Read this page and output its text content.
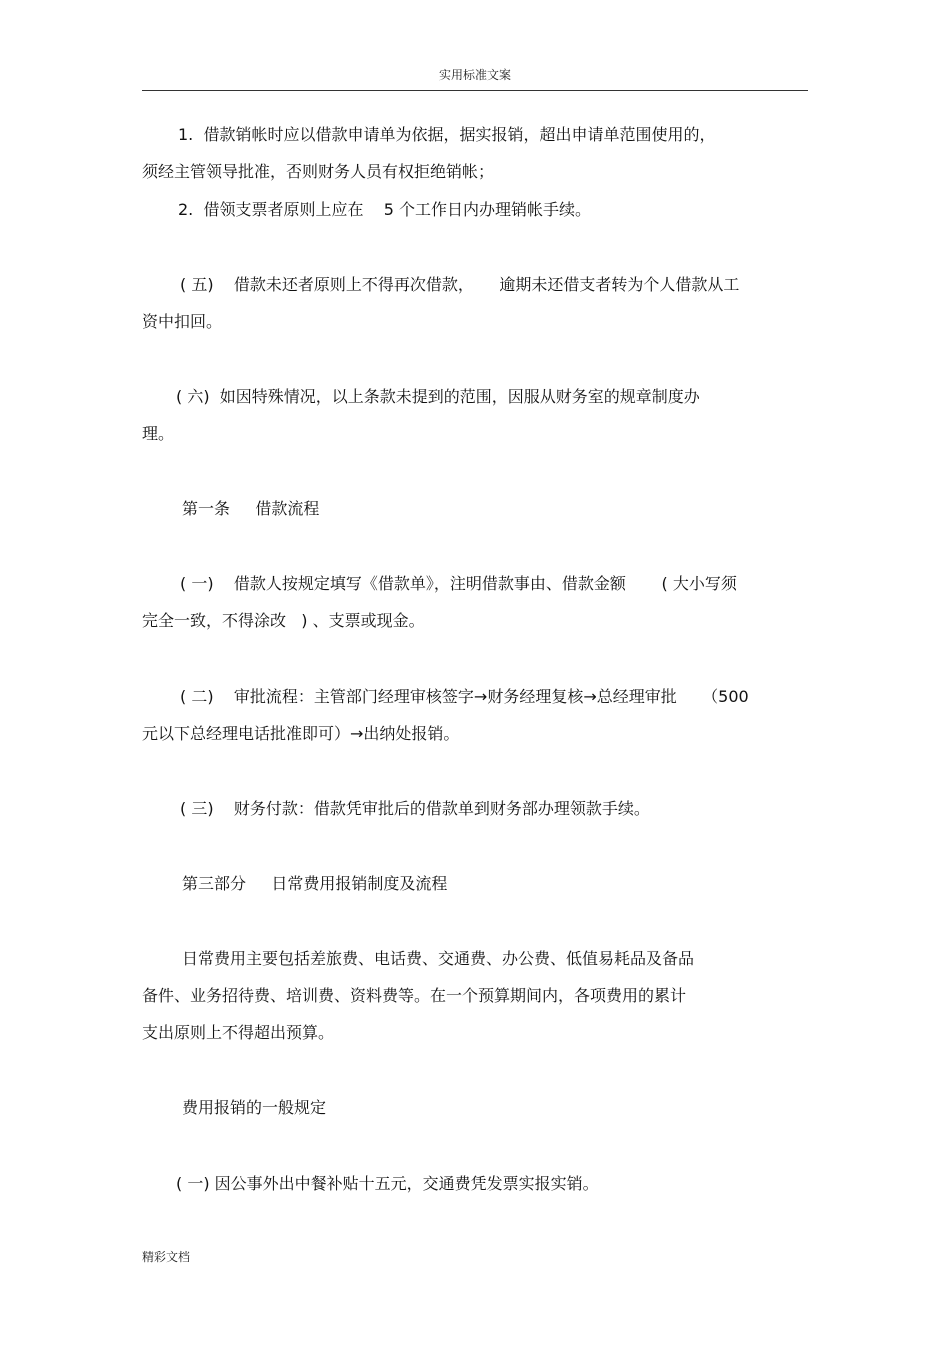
实用标准文案
1.  借款销帐时应以借款申请单为依据，据实报销，超出申请单范围使用的，
须经主管领导批准，否则财务人员有权拒绝销帐；
2.  借领支票者原则上应在    5 个工作日内办理销帐手续。
( 五)    借款未还者原则上不得再次借款，     逾期未还借支者转为个人借款从工
资中扣回。
( 六)  如因特殊情况，以上条款未提到的范围，因服从财务室的规章制度办
理。
第一条     借款流程
( 一)    借款人按规定填写《借款单》，注明借款事由、借款金额       ( 大小写须
完全一致，不得涂改   ) 、支票或现金。
( 二)    审批流程：主管部门经理审核签字→财务经理复核→总经理审批     （500
元以下总经理电话批准即可）→出纳处报销。
( 三)    财务付款：借款凭审批后的借款单到财务部办理领款手续。
第三部分     日常费用报销制度及流程
日常费用主要包括差旅费、电话费、交通费、办公费、低值易耗品及备品
备件、业务招待费、培训费、资料费等。在一个预算期间内，各项费用的累计
支出原则上不得超出预算。
费用报销的一般规定
( 一) 因公事外出中餐补贴十五元，交通费凭发票实报实销。
精彩文档
